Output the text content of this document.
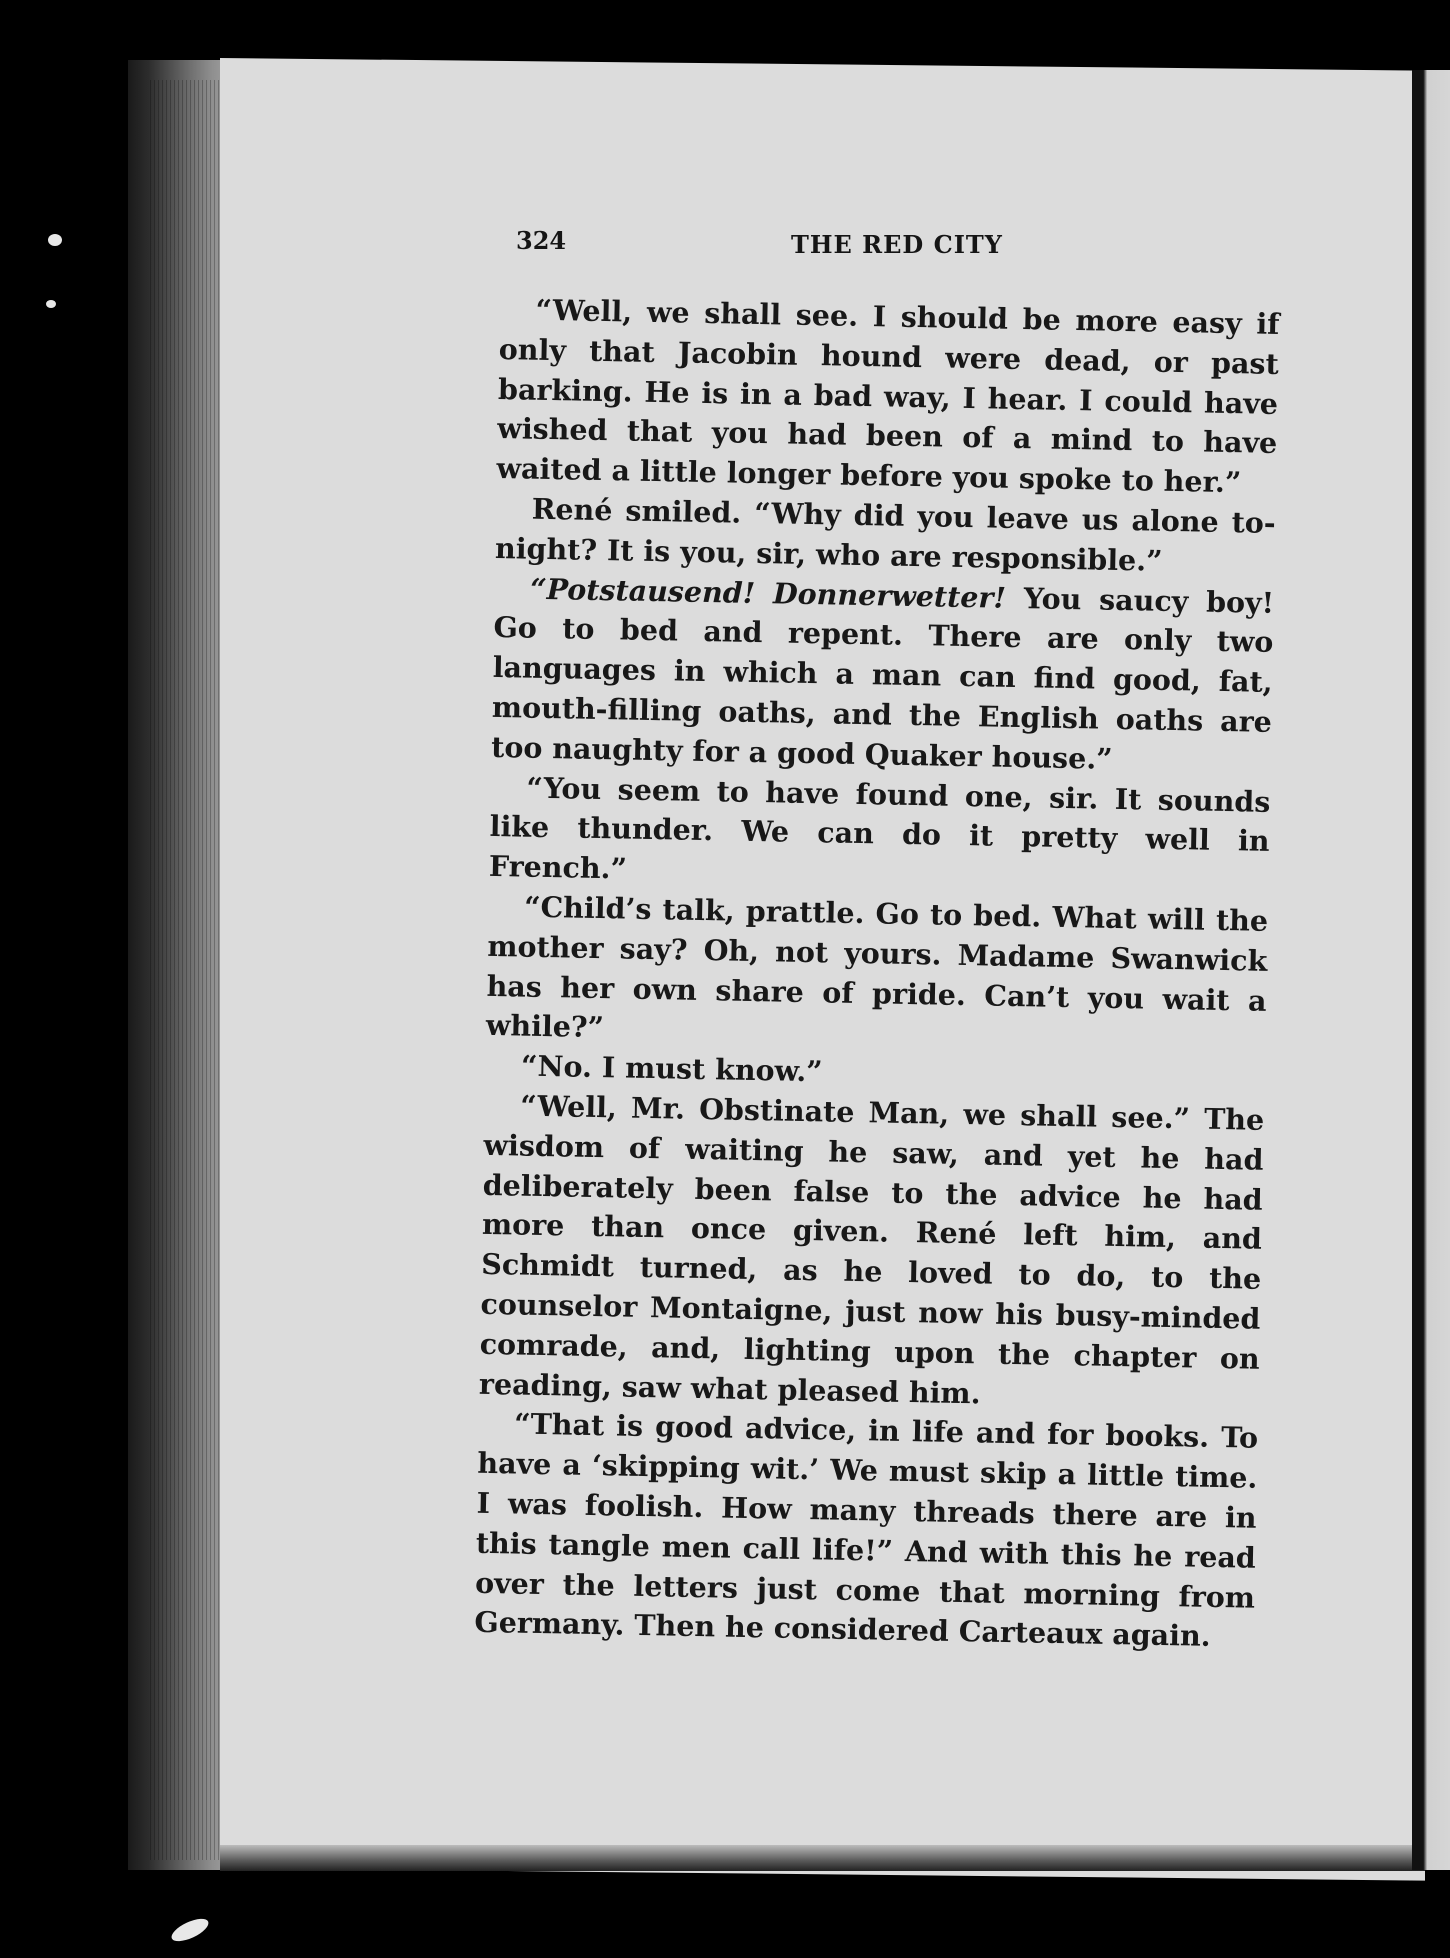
324	THE RED CITY

“Well, we shall see. I should be more easy if only that Jacobin hound were dead, or past barking. He is in a bad way, I hear. I could have wished that you had been of a mind to have waited a little longer before you spoke to her.”

René smiled. “Why did you leave us alone to-night? It is you, sir, who are responsible.”

“Potstausend! Donnerwetter! You saucy boy! Go to bed and repent. There are only two languages in which a man can find good, fat, mouth-filling oaths, and the English oaths are too naughty for a good Quaker house.”

“You seem to have found one, sir. It sounds like thunder. We can do it pretty well in French.”

“Child’s talk, prattle. Go to bed. What will the mother say? Oh, not yours. Madame Swanwick has her own share of pride. Can’t you wait a while?”

“No. I must know.”

“Well, Mr. Obstinate Man, we shall see.” The wisdom of waiting he saw, and yet he had deliberately been false to the advice he had more than once given. René left him, and Schmidt turned, as he loved to do, to the counselor Montaigne, just now his busy-minded comrade, and, lighting upon the chapter on reading, saw what pleased him.

“That is good advice, in life and for books. To have a ‘skipping wit.’ We must skip a little time. I was foolish. How many threads there are in this tangle men call life!” And with this he read over the letters just come that morning from Germany. Then he considered Carteaux again.
